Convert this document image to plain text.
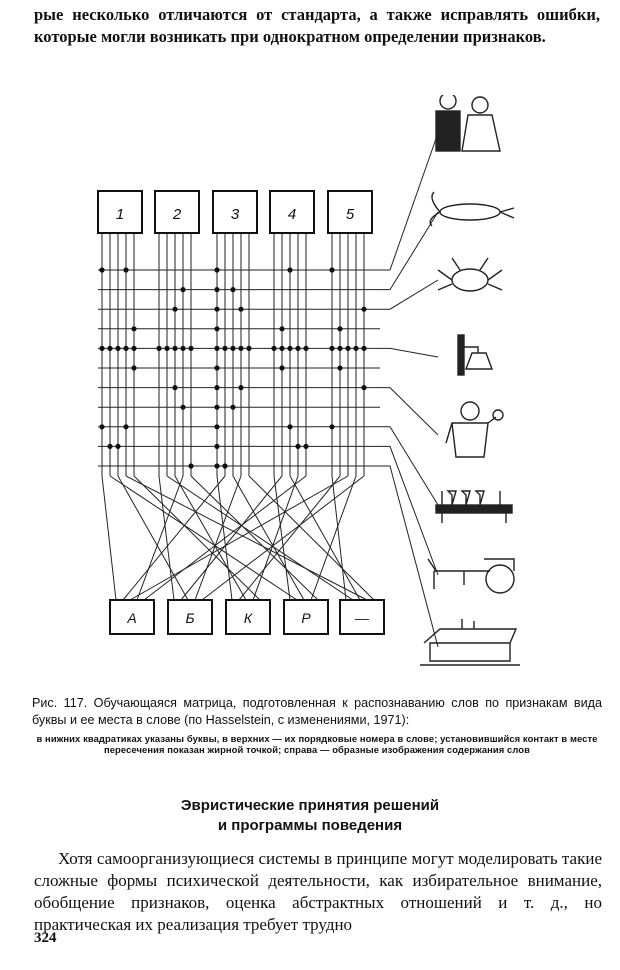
рые несколько отличаются от стандарта, а также исправлять ошибки, которые могли возникать при однократном определении признаков.

1	2	3	4	5
А	Б	К	Р	—

Рис. 117. Обучающаяся матрица, подготовленная к распознаванию слов по признакам вида буквы и ее места в слове (по Hasselstein, с изменениями, 1971):

в нижних квадратиках указаны буквы, в верхних — их порядковые номера в слове; установившийся контакт в месте пересечения показан жирной точкой; справа — образные изображения содержания слов

Эвристические принятия решений
и программы поведения

Хотя самоорганизующиеся системы в принципе могут моделировать такие сложные формы психической деятельности, как избирательное внимание, обобщение признаков, оценка абстрактных отношений и т. д., но практическая их реализация требует трудно

324
